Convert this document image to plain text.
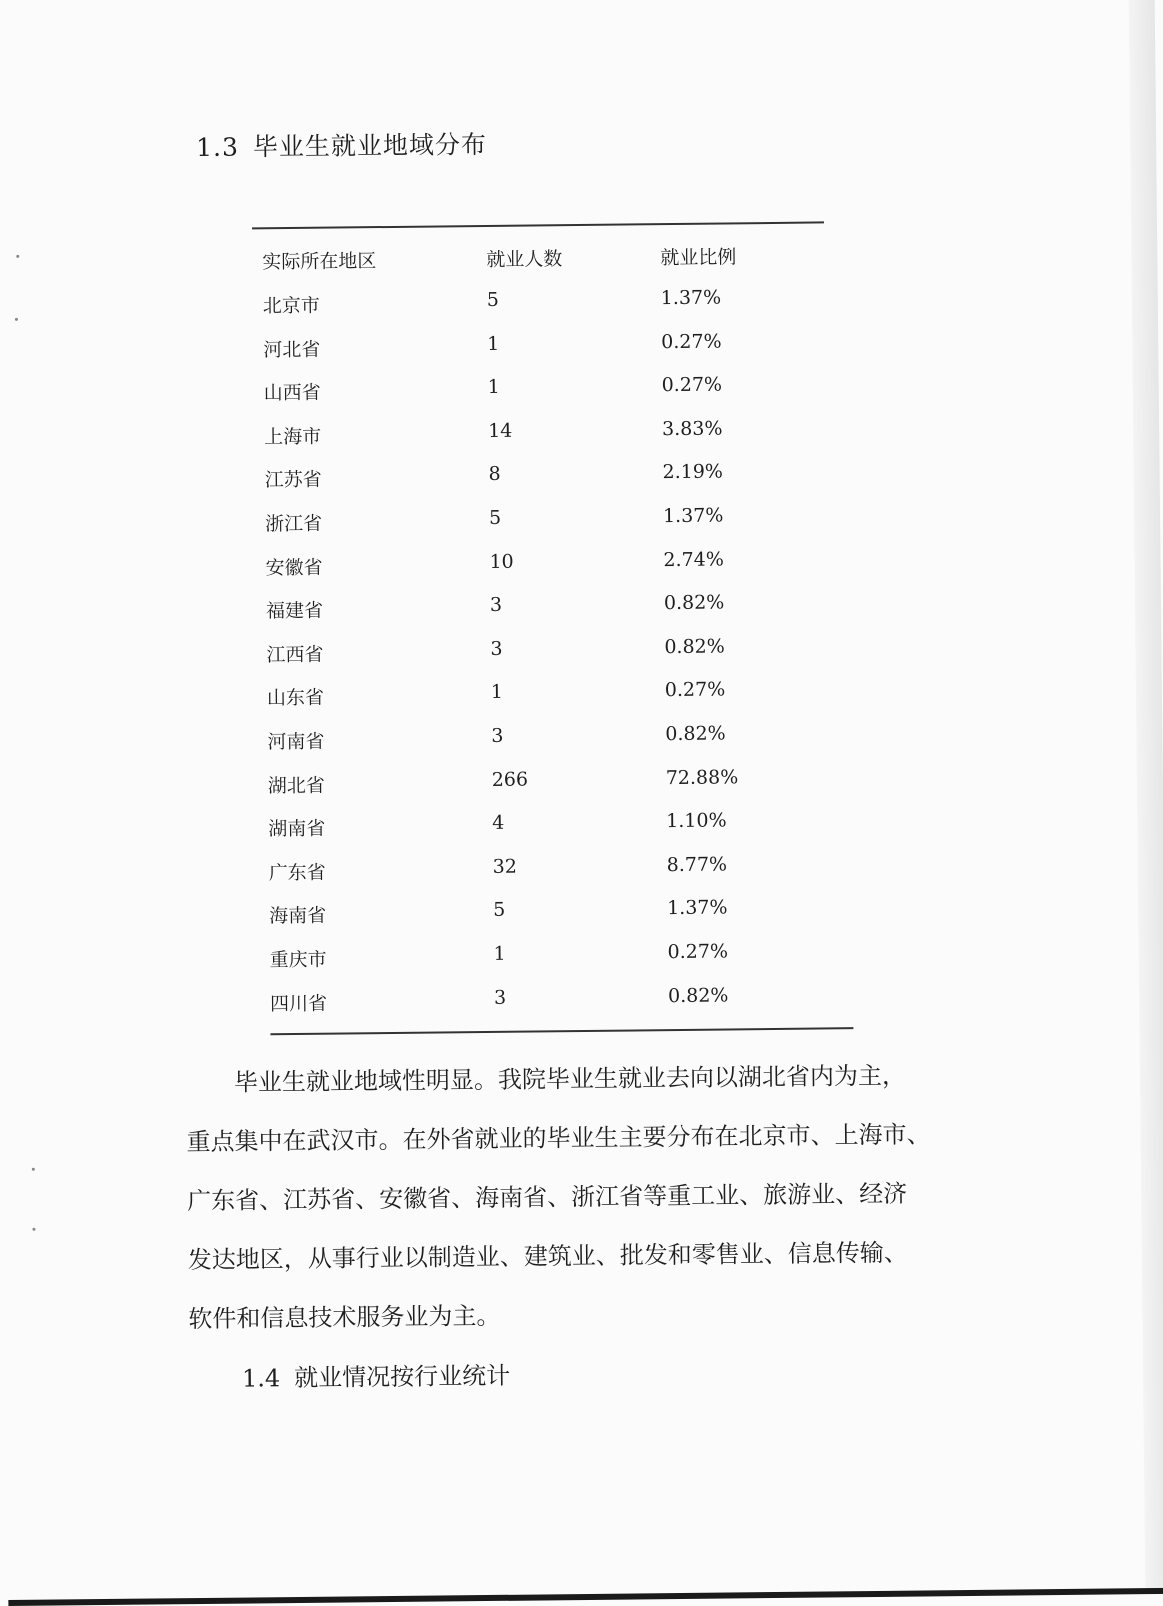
1.3 毕业生就业地域分布
实际所在地区	就业人数	就业比例
北京市	5	1.37%
河北省	1	0.27%
山西省	1	0.27%
上海市	14	3.83%
江苏省	8	2.19%
浙江省	5	1.37%
安徽省	10	2.74%
福建省	3	0.82%
江西省	3	0.82%
山东省	1	0.27%
河南省	3	0.82%
湖北省	266	72.88%
湖南省	4	1.10%
广东省	32	8.77%
海南省	5	1.37%
重庆市	1	0.27%
四川省	3	0.82%

毕业生就业地域性明显。我院毕业生就业去向以湖北省内为主，

重点集中在武汉市。在外省就业的毕业生主要分布在北京市、上海市、

广东省、江苏省、安徽省、海南省、浙江省等重工业、旅游业、经济

发达地区，从事行业以制造业、建筑业、批发和零售业、信息传输、

软件和信息技术服务业为主。

1.4 就业情况按行业统计
